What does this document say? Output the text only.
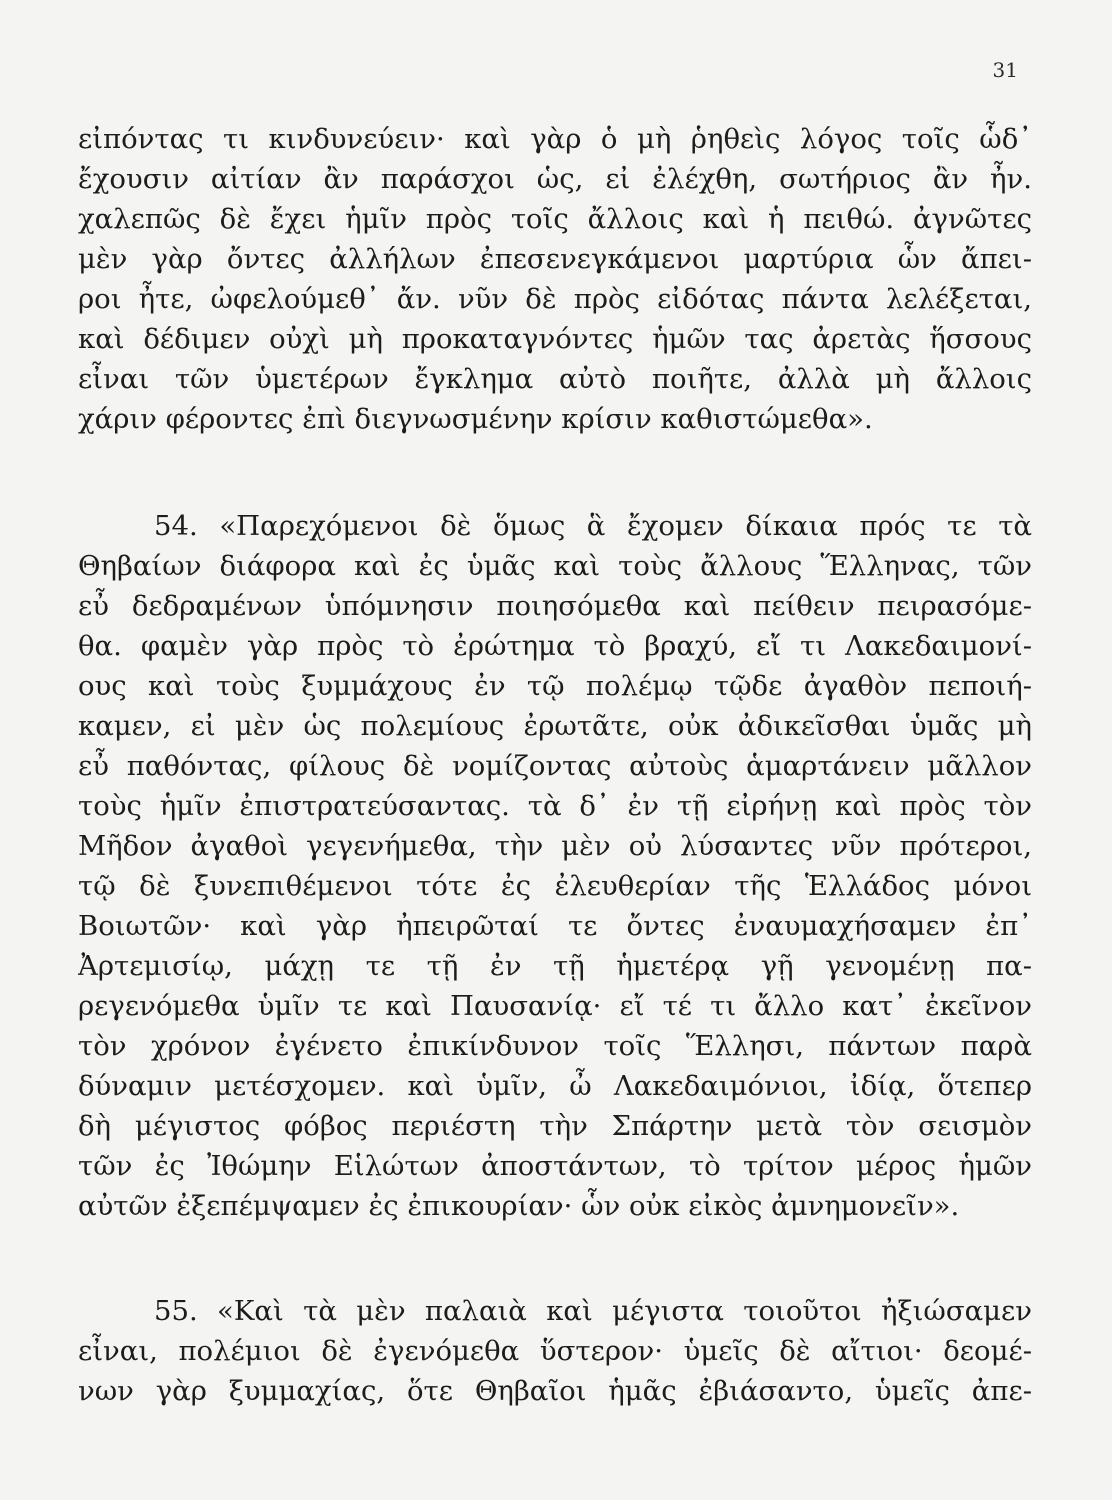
31
εἰπόντας τι κινδυνεύειν· καὶ γὰρ ὁ μὴ ῥηθεὶς λόγος τοῖς ὧδ᾽
ἔχουσιν αἰτίαν ἂν παράσχοι ὡς, εἰ ἐλέχθη, σωτήριος ἂν ἦν.
χαλεπῶς δὲ ἔχει ἡμῖν πρὸς τοῖς ἄλλοις καὶ ἡ πειθώ. ἀγνῶτες
μὲν γὰρ ὄντες ἀλλήλων ἐπεσενεγκάμενοι μαρτύρια ὧν ἄπει-
ροι ἦτε, ὠφελούμεθ᾽ ἄν. νῦν δὲ πρὸς εἰδότας πάντα λελέξεται,
καὶ δέδιμεν οὐχὶ μὴ προκαταγνόντες ἡμῶν τας ἀρετὰς ἥσσους
εἶναι τῶν ὑμετέρων ἔγκλημα αὐτὸ ποιῆτε, ἀλλὰ μὴ ἄλλοις
χάριν φέροντες ἐπὶ διεγνωσμένην κρίσιν καθιστώμεθα».
54. «Παρεχόμενοι δὲ ὅμως ἃ ἔχομεν δίκαια πρός τε τὰ
Θηβαίων διάφορα καὶ ἐς ὑμᾶς καὶ τοὺς ἄλλους Ἕλληνας, τῶν
εὖ δεδραμένων ὑπόμνησιν ποιησόμεθα καὶ πείθειν πειρασόμε-
θα. φαμὲν γὰρ πρὸς τὸ ἐρώτημα τὸ βραχύ, εἴ τι Λακεδαιμονί-
ους καὶ τοὺς ξυμμάχους ἐν τῷ πολέμῳ τῷδε ἀγαθὸν πεποιή-
καμεν, εἰ μὲν ὡς πολεμίους ἐρωτᾶτε, οὐκ ἀδικεῖσθαι ὑμᾶς μὴ
εὖ παθόντας, φίλους δὲ νομίζοντας αὐτοὺς ἁμαρτάνειν μᾶλλον
τοὺς ἡμῖν ἐπιστρατεύσαντας. τὰ δ᾽ ἐν τῇ εἰρήνῃ καὶ πρὸς τὸν
Μῆδον ἀγαθοὶ γεγενήμεθα, τὴν μὲν οὐ λύσαντες νῦν πρότεροι,
τῷ δὲ ξυνεπιθέμενοι τότε ἐς ἐλευθερίαν τῆς Ἑλλάδος μόνοι
Βοιωτῶν· καὶ γὰρ ἠπειρῶταί τε ὄντες ἐναυμαχήσαμεν ἐπ᾽
Ἀρτεμισίῳ, μάχῃ τε τῇ ἐν τῇ ἡμετέρᾳ γῇ γενομένῃ πα-
ρεγενόμεθα ὑμῖν τε καὶ Παυσανίᾳ· εἴ τέ τι ἄλλο κατ᾽ ἐκεῖνον
τὸν χρόνον ἐγένετο ἐπικίνδυνον τοῖς Ἕλλησι, πάντων παρὰ
δύναμιν μετέσχομεν. καὶ ὑμῖν, ὦ Λακεδαιμόνιοι, ἰδίᾳ, ὅτεπερ
δὴ μέγιστος φόβος περιέστη τὴν Σπάρτην μετὰ τὸν σεισμὸν
τῶν ἐς Ἰθώμην Εἱλώτων ἀποστάντων, τὸ τρίτον μέρος ἡμῶν
αὐτῶν ἐξεπέμψαμεν ἐς ἐπικουρίαν· ὧν οὐκ εἰκὸς ἀμνημονεῖν».
55. «Καὶ τὰ μὲν παλαιὰ καὶ μέγιστα τοιοῦτοι ἠξιώσαμεν
εἶναι, πολέμιοι δὲ ἐγενόμεθα ὕστερον· ὑμεῖς δὲ αἴτιοι· δεομέ-
νων γὰρ ξυμμαχίας, ὅτε Θηβαῖοι ἡμᾶς ἐβιάσαντο, ὑμεῖς ἀπε-
